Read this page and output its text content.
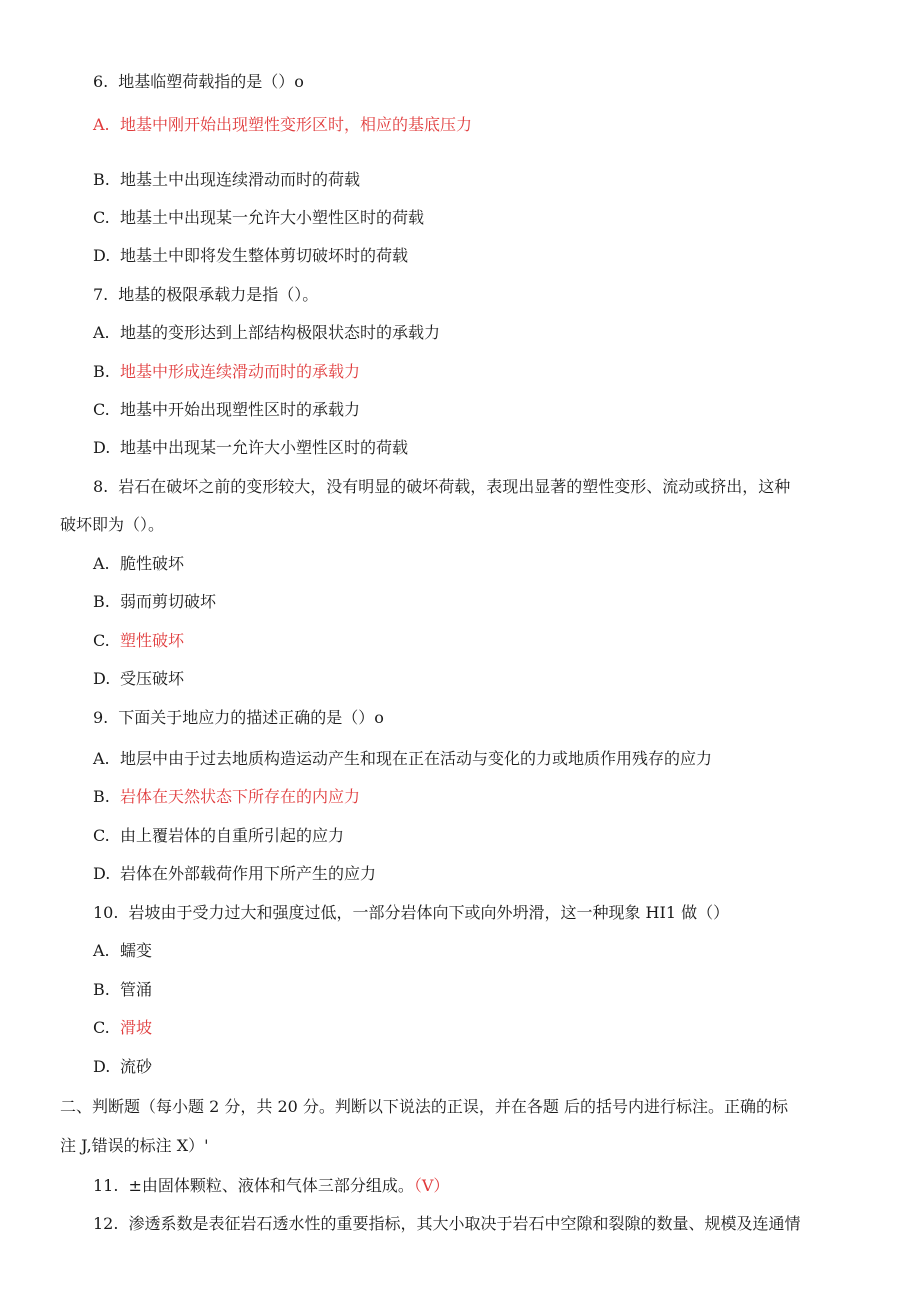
6. 地基临塑荷载指的是（）o
A. 地基中刚开始出现塑性变形区时，相应的基底压力
B. 地基土中出现连续滑动而时的荷载
C. 地基土中出现某一允许大小塑性区时的荷载
D. 地基土中即将发生整体剪切破坏时的荷载
7. 地基的极限承载力是指（）。
A. 地基的变形达到上部结构极限状态时的承载力
B. 地基中形成连续滑动而时的承载力
C. 地基中开始出现塑性区时的承载力
D. 地基中出现某一允许大小塑性区时的荷载
8. 岩石在破坏之前的变形较大，没有明显的破坏荷载，表现出显著的塑性变形、流动或挤出，这种
破坏即为（）。
A. 脆性破坏
B. 弱而剪切破坏
C. 塑性破坏
D. 受压破坏
9. 下面关于地应力的描述正确的是（）o
A. 地层中由于过去地质构造运动产生和现在正在活动与变化的力或地质作用残存的应力
B. 岩体在天然状态下所存在的内应力
C. 由上覆岩体的自重所引起的应力
D. 岩体在外部载荷作用下所产生的应力
10. 岩坡由于受力过大和强度过低，一部分岩体向下或向外坍滑，这一种现象 HI1 做（）
A. 蠕变
B. 管涌
C. 滑坡
D. 流砂
二、判断题（每小题 2 分，共 20 分。判断以下说法的正误，并在各题 后的括号内进行标注。正确的标
注 J,错误的标注 X）'
11. ±由固体颗粒、液体和气体三部分组成。（V）
12. 渗透系数是表征岩石透水性的重要指标，其大小取决于岩石中空隙和裂隙的数量、规模及连通情
